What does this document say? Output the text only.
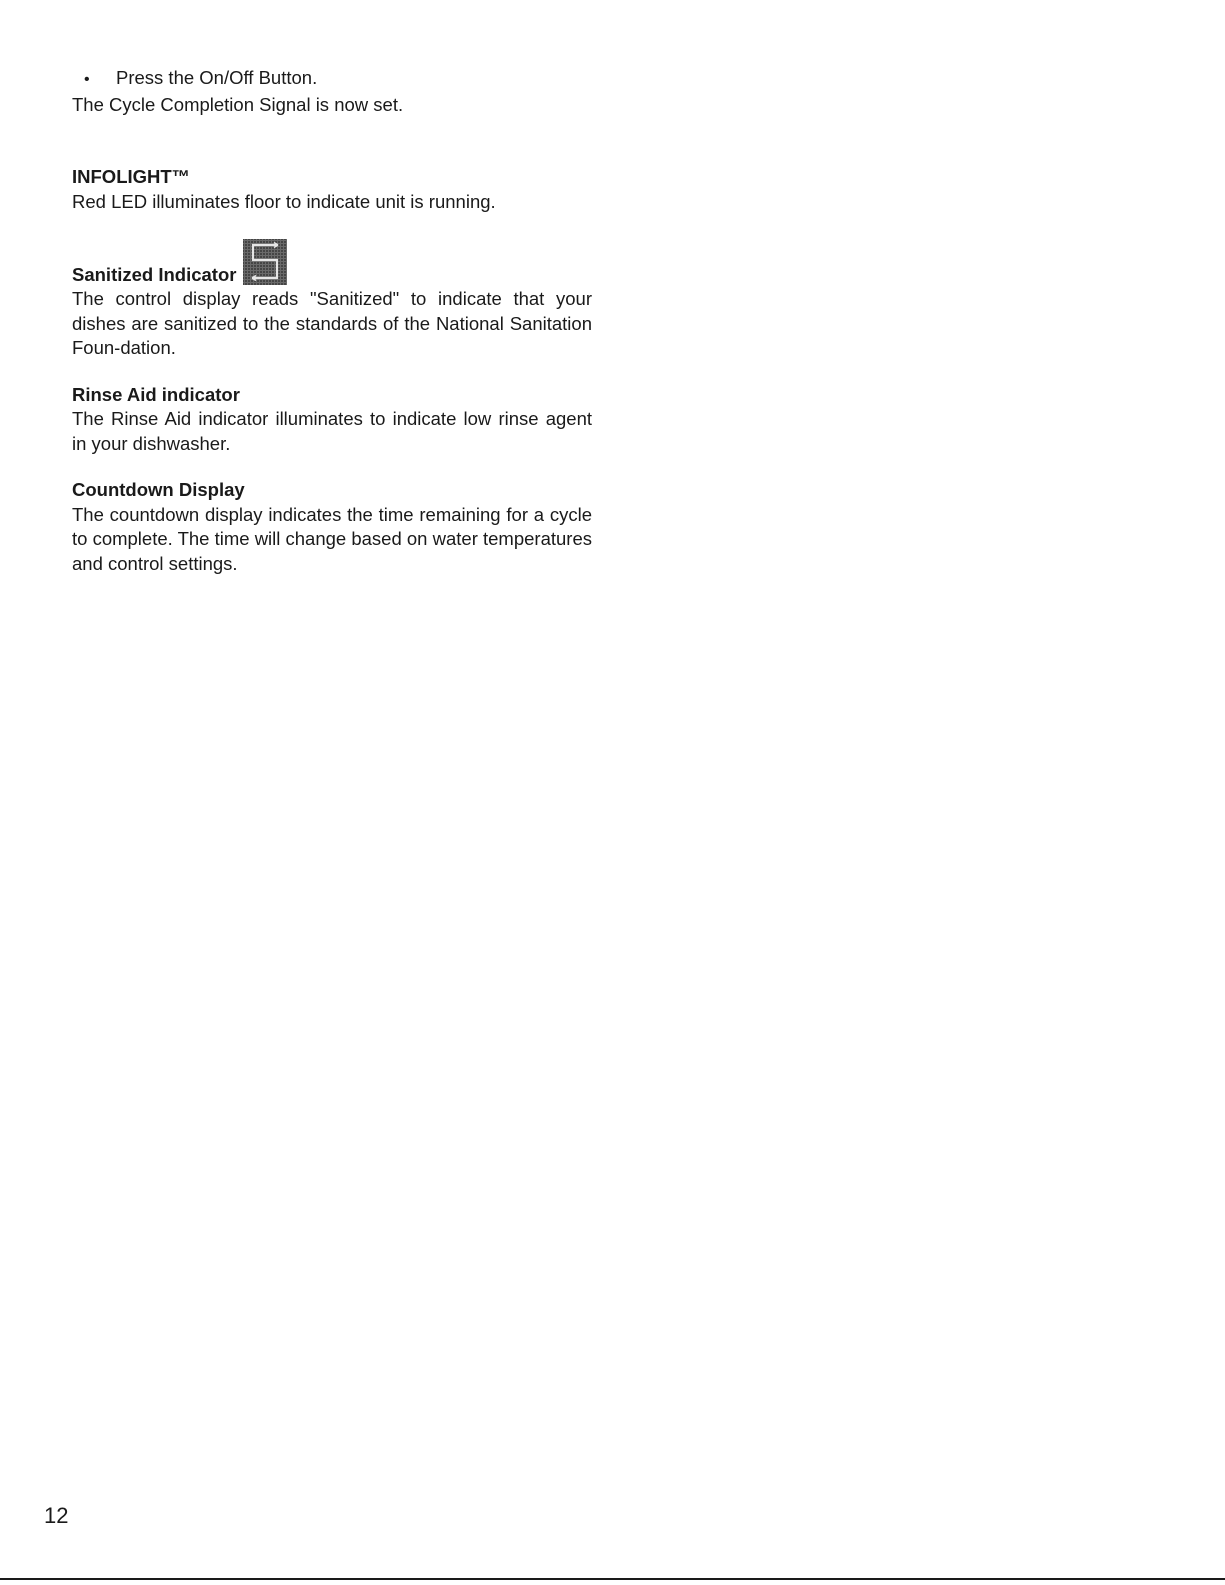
•	Press the On/Off Button.

The Cycle Completion Signal is now set.

INFOLIGHT™

Red LED illuminates floor to indicate unit is running.

Sanitized Indicator

The control display reads "Sanitized" to indicate that your dishes are sanitized to the standards of the National Sanitation Foun-dation.

Rinse Aid indicator

The Rinse Aid indicator illuminates to indicate low rinse agent in your dishwasher.

Countdown Display

The countdown display indicates the time remaining for a cycle to complete. The time will change based on water temperatures and control settings.

12
